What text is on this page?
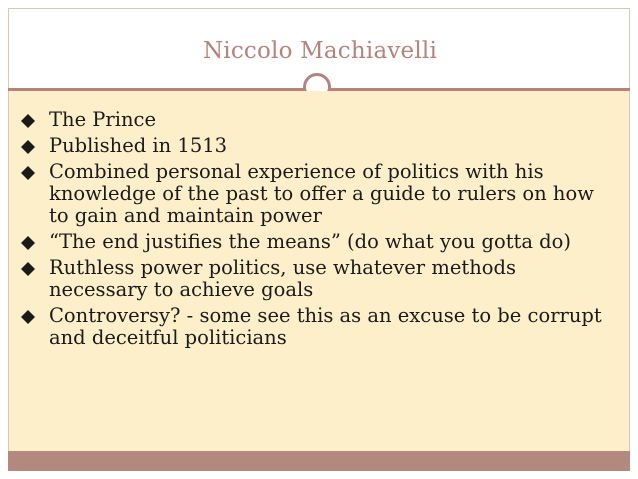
Niccolo Machiavelli
The Prince
Published in 1513
Combined personal experience of politics with his knowledge of the past to offer a guide to rulers on how to gain and maintain power
“The end justifies the means” (do what you gotta do)
Ruthless power politics, use whatever methods necessary to achieve goals
Controversy? - some see this as an excuse to be corrupt and deceitful politicians
